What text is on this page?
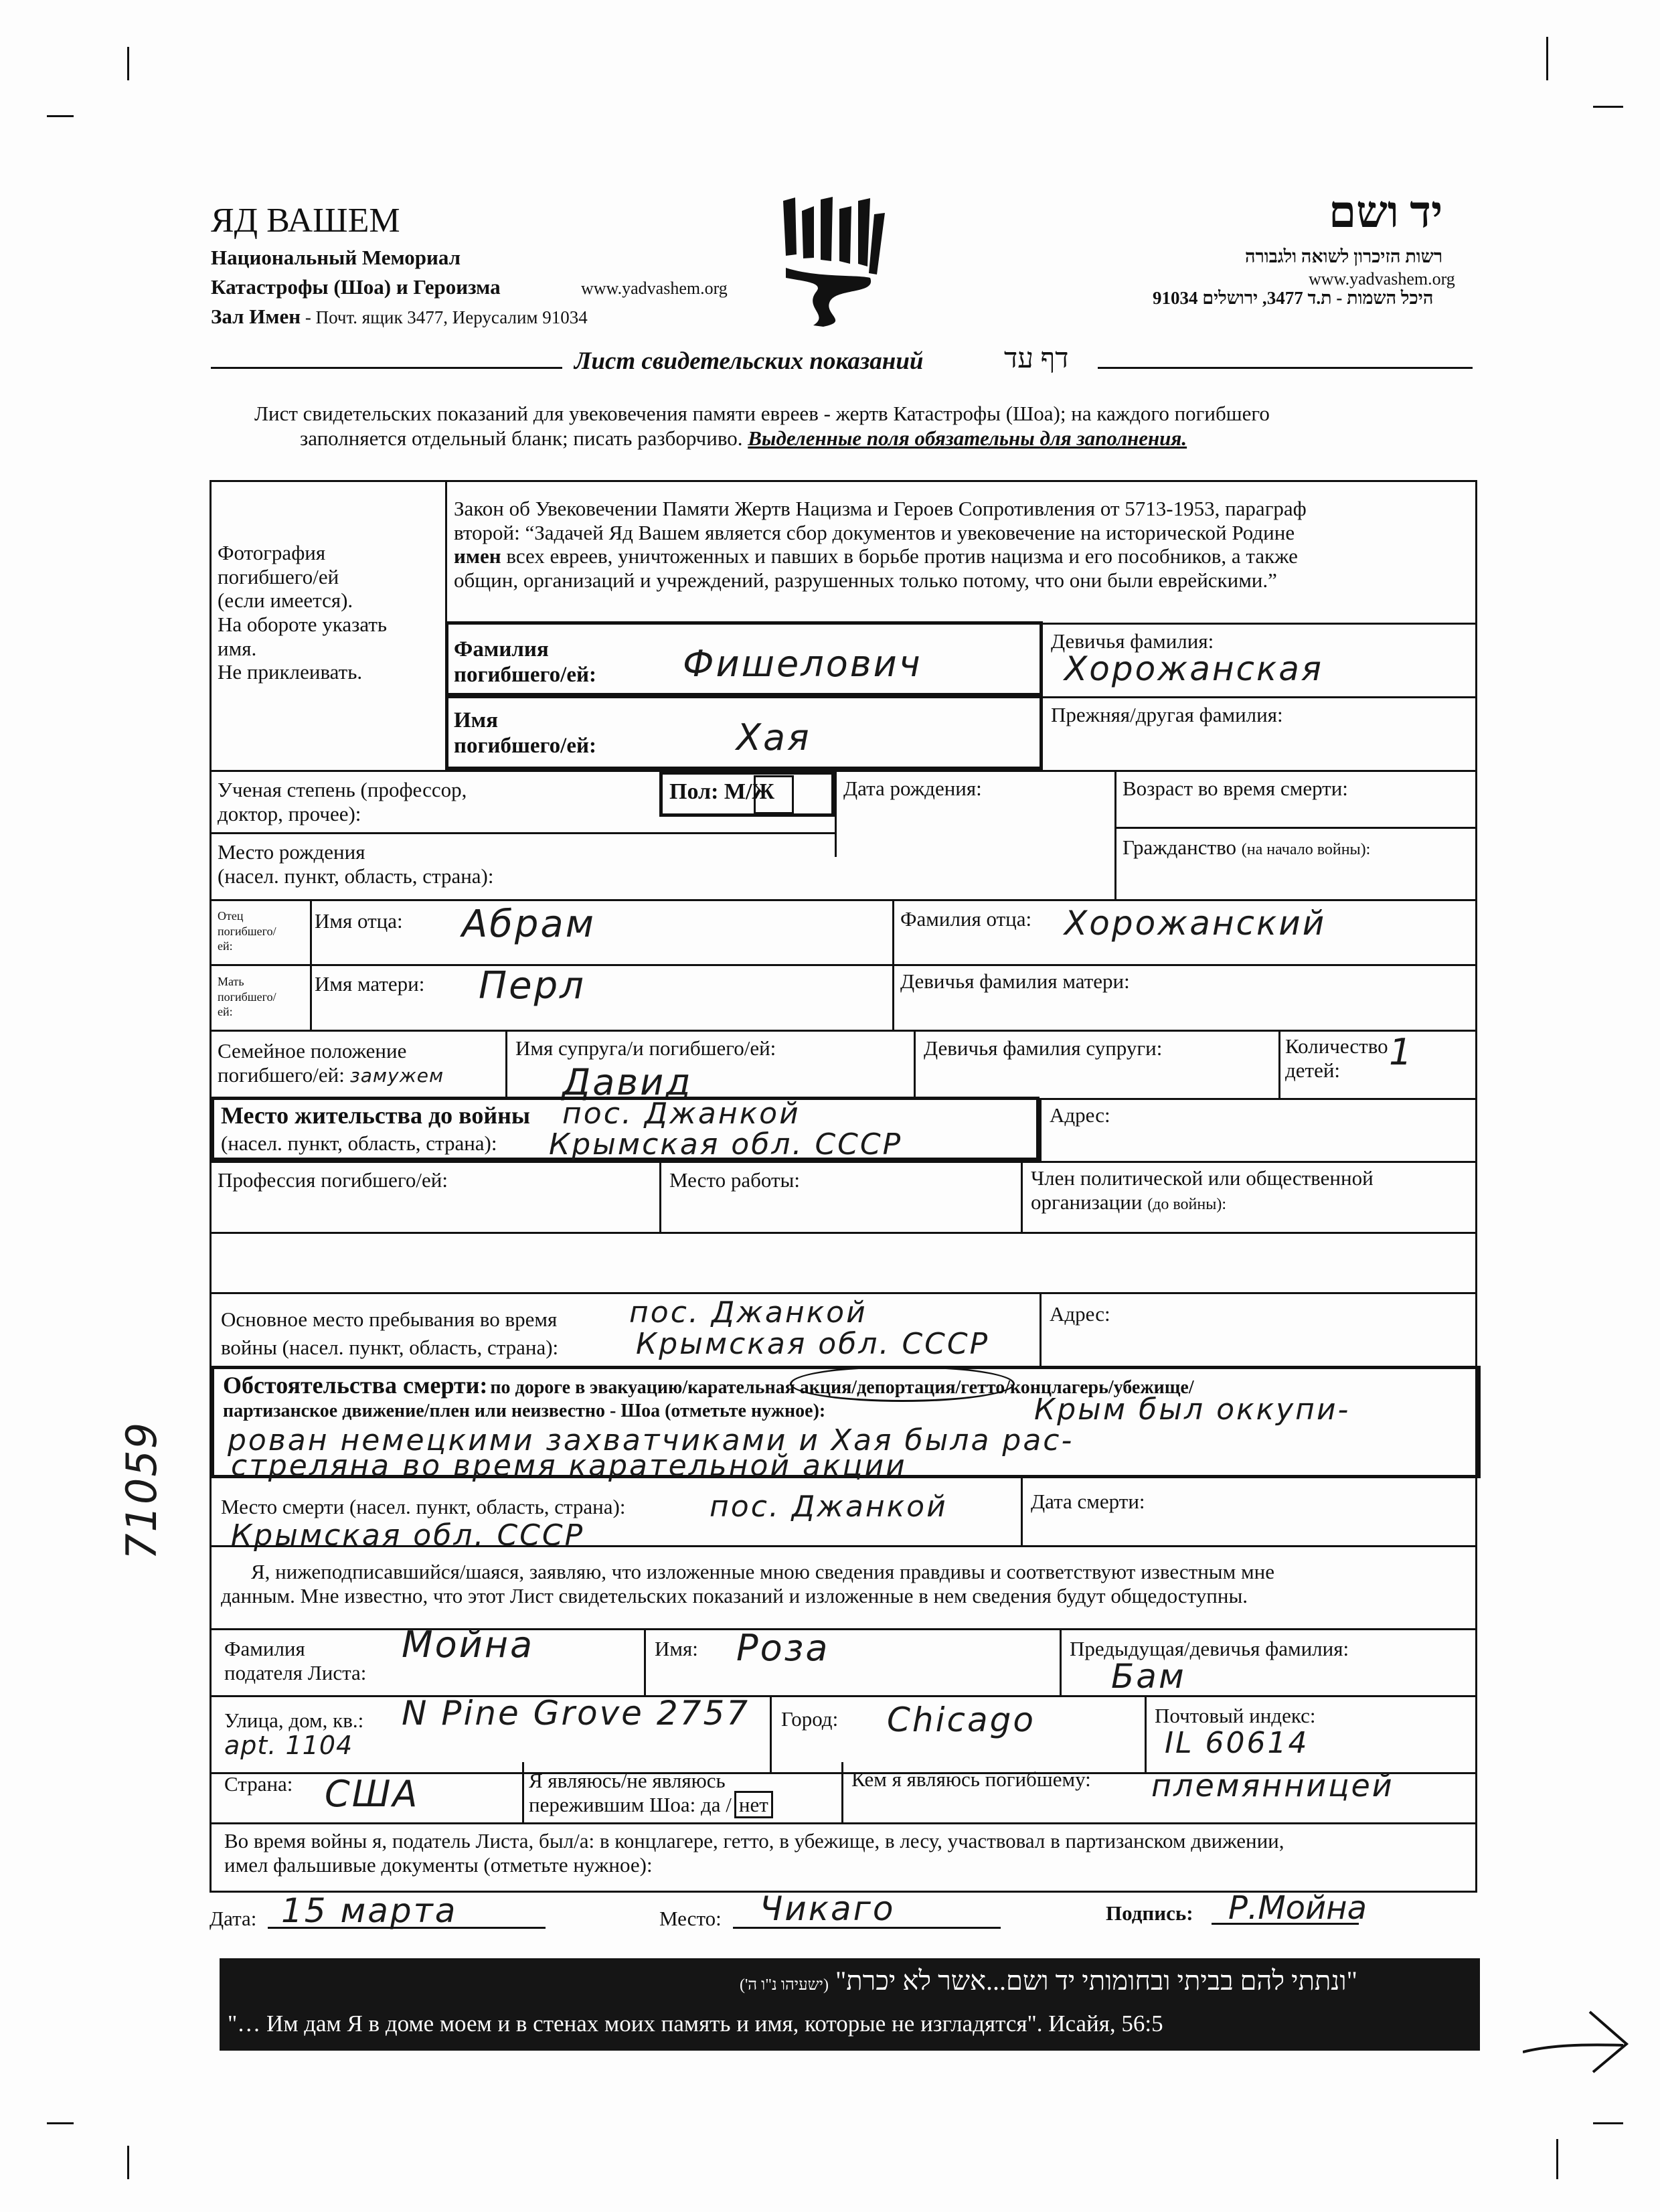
ЯД ВАШЕМ
Национальный Мемориал
Катастрофы (Шоа) и Героизма	www.yadvashem.org
Зал Имен - Почт. ящик 3477, Иерусалим 91034
יד ושם
רשות הזיכרון לשואה ולגבורה
www.yadvashem.org
היכל השמות - ת.ד 3477, ירושלים 91034
Лист свидетельских показаний	דף עד
Лист свидетельских показаний для увековечения памяти евреев - жертв Катастрофы (Шоа); на каждого погибшего
заполняется отдельный бланк; писать разборчиво. Выделенные поля обязательны для заполнения.
Фотография
погибшего/ей
(если имеется).
На обороте указать
имя.
Не приклеивать.
Закон об Увековечении Памяти Жертв Нацизма и Героев Сопротивления от 5713-1953, параграф
второй: “Задачей Яд Вашем является сбор документов и увековечение на исторической Родине
имен всех евреев, уничтоженных и павших в борьбе против нацизма и его пособников, а также
общин, организаций и учреждений, разрушенных только потому, что они были еврейскими.”
Фамилия
погибшего/ей: Фишелович
Девичья фамилия:
Хорожанская
Имя
погибшего/ей:	Хая
Прежняя/другая фамилия:
Ученая степень (профессор,
доктор, прочее):
Пол: М/Ж	Дата рождения:	Возраст во время смерти:
Место рождения
(насел. пункт, область, страна):
Гражданство (на начало войны):
Отец
погибшего/
ей:
Имя отца: Абрам	Фамилия отца: Хорожанский
Мать
погибшего/
ей:
Имя матери: Перл	Девичья фамилия матери:
Семейное положение
погибшего/ей: замужем
Имя супруга/и погибшего/ей:
Давид
Девичья фамилия супруги:	Количество
детей:	1
Место жительства до войны
(насел. пункт, область, страна):
пос. Джанкой
Крымская обл. СССР
Адрес:
Профессия погибшего/ей:	Место работы:	Член политической или общественной
организации (до войны):
Основное место пребывания во время
войны (насел. пункт, область, страна):
пос. Джанкой
Крымская обл. СССР
Адрес:
Обстоятельства смерти: по дороге в эвакуацию/карательная акция/депортация/гетто/концлагерь/убежище/
партизанское движение/плен или неизвестно - Шоа (отметьте нужное):	Крым был оккупи-
рован немецкими захватчиками и Хая была рас-
стреляна во время карательной акции
Место смерти (насел. пункт, область, страна):	пос. Джанкой
Крымская обл. СССР
Дата смерти:
Я, нижеподписавшийся/шаяся, заявляю, что изложенные мною сведения правдивы и соответствуют известным мне
данным. Мне известно, что этот Лист свидетельских показаний и изложенные в нем сведения будут общедоступны.
Фамилия
подателя Листа:
Мойна	Имя: Роза	Предыдущая/девичья фамилия:
Бам
Улица, дом, кв.: N Pine Grove 2757
apt. 1104
Город: Chicago	Почтовый индекс:
IL 60614
Страна: США	Я являюсь/не являюсь
пережившим Шоа: да / нет
Кем я являюсь погибшему: племянницей
Во время войны я, податель Листа, был/а: в концлагере, гетто, в убежище, в лесу, участвовал в партизанском движении,
имел фальшивые документы (отметьте нужное):
Дата: 15 марта	Место: Чикаго	Подпись: Р.Мойна
"ונתתי להם בביתי ובחומותי יד ושם...אשר לא יכרת" (ישעיהו נ"ו ה')
"… Им дам Я в доме моем и в стенах моих память и имя, которые не изгладятся". Исайя, 56:5
71059
